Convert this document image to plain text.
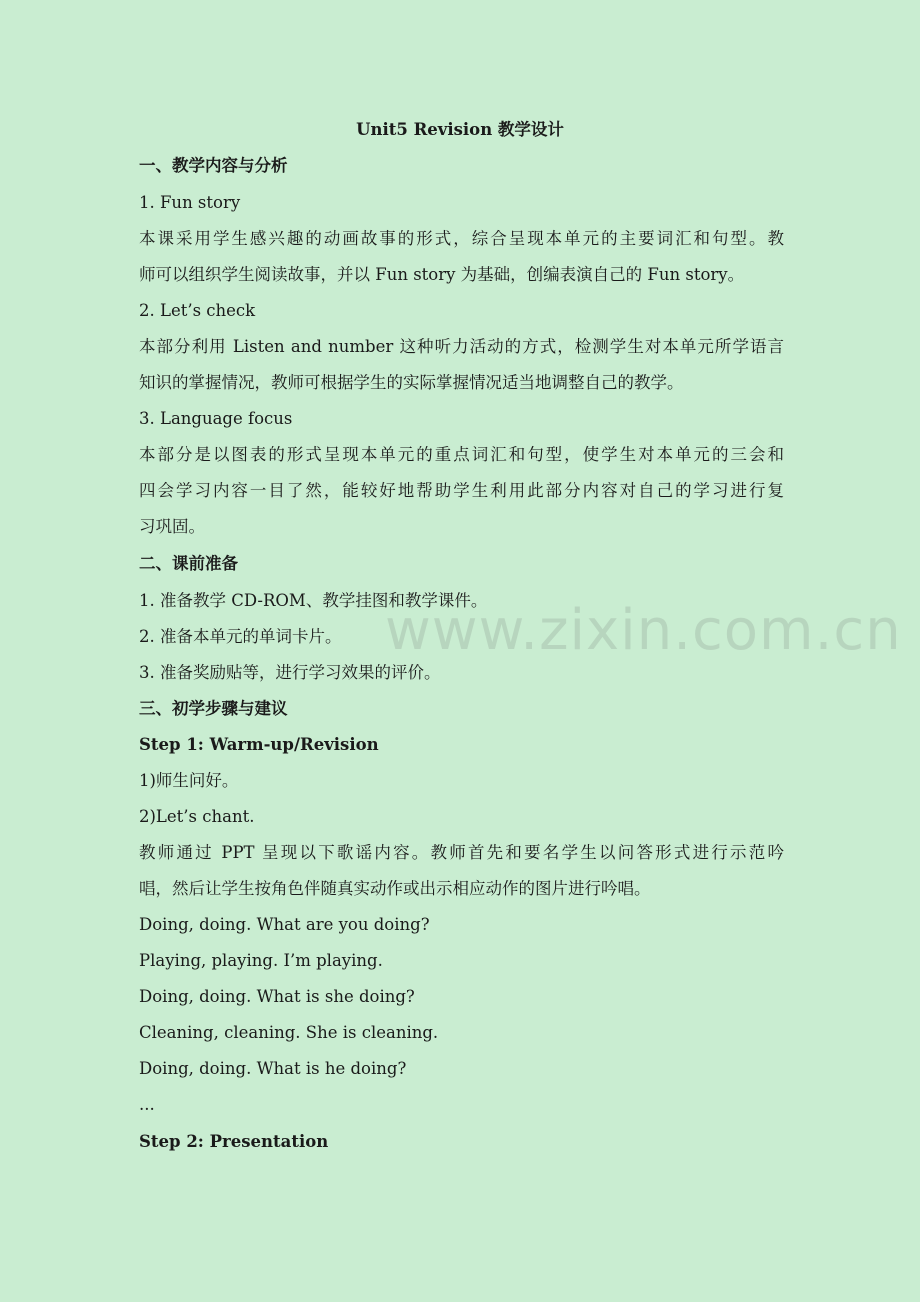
www.zixin.com.cn
Unit5 Revision 教学设计
一、教学内容与分析
1. Fun story
本课采用学生感兴趣的动画故事的形式，综合呈现本单元的主要词汇和句型。教
师可以组织学生阅读故事，并以 Fun story 为基础，创编表演自己的 Fun story。
2. Let’s check
本部分利用 Listen and number 这种听力活动的方式，检测学生对本单元所学语言
知识的掌握情况，教师可根据学生的实际掌握情况适当地调整自己的教学。
3. Language focus
本部分是以图表的形式呈现本单元的重点词汇和句型，使学生对本单元的三会和
四会学习内容一目了然，能较好地帮助学生利用此部分内容对自己的学习进行复
习巩固。
二、课前准备
1. 准备教学 CD-ROM、教学挂图和教学课件。
2. 准备本单元的单词卡片。
3. 准备奖励贴等，进行学习效果的评价。
三、初学步骤与建议
Step 1: Warm-up/Revision
1)师生问好。
2)Let’s chant.
教师通过 PPT 呈现以下歌谣内容。教师首先和要名学生以问答形式进行示范吟
唱，然后让学生按角色伴随真实动作或出示相应动作的图片进行吟唱。
Doing, doing. What are you doing?
Playing, playing. I’m playing.
Doing, doing. What is she doing?
Cleaning, cleaning. She is cleaning.
Doing, doing. What is he doing?
...
Step 2: Presentation
